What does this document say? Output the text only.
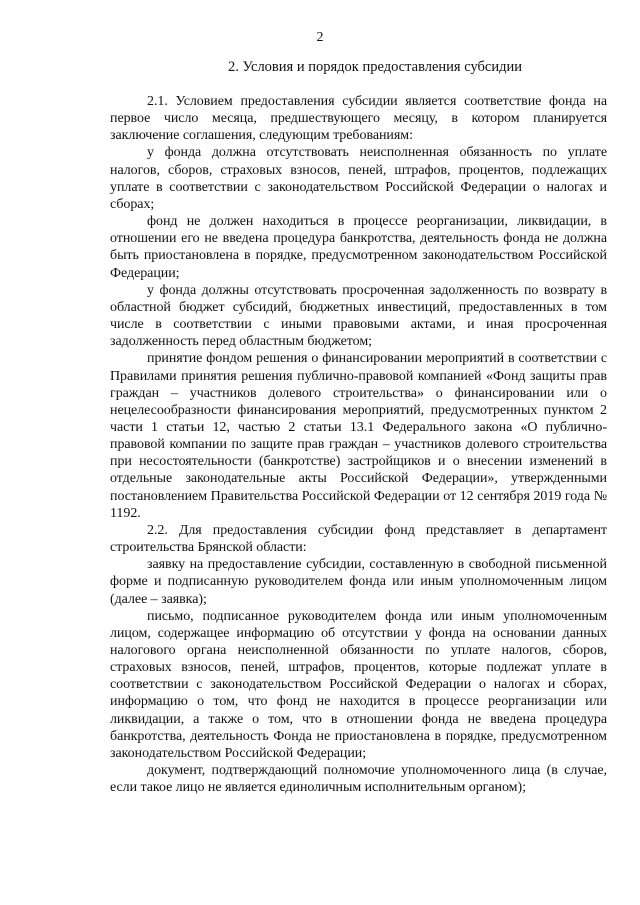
2
2. Условия и порядок предоставления субсидии

2.1. Условием предоставления субсидии является соответствие фонда на первое число месяца, предшествующего месяцу, в котором планируется заключение соглашения, следующим требованиям:

у фонда должна отсутствовать неисполненная обязанность по уплате налогов, сборов, страховых взносов, пеней, штрафов, процентов, подлежащих уплате в соответствии с законодательством Российской Федерации о налогах и сборах;

фонд не должен находиться в процессе реорганизации, ликвидации, в отношении его не введена процедура банкротства, деятельность фонда не должна быть приостановлена в порядке, предусмотренном законодательством Российской Федерации;

у фонда должны отсутствовать просроченная задолженность по возврату в областной бюджет субсидий, бюджетных инвестиций, предоставленных в том числе в соответствии с иными правовыми актами, и иная просроченная задолженность перед областным бюджетом;

принятие фондом решения о финансировании мероприятий в соответствии с Правилами принятия решения публично-правовой компанией «Фонд защиты прав граждан – участников долевого строительства» о финансировании или о нецелесообразности финансирования мероприятий, предусмотренных пунктом 2 части 1 статьи 12, частью 2 статьи 13.1 Федерального закона «О публично-правовой компании по защите прав граждан – участников долевого строительства при несостоятельности (банкротстве) застройщиков и о внесении изменений в отдельные законодательные акты Российской Федерации», утвержденными постановлением Правительства Российской Федерации от 12 сентября 2019 года № 1192.

2.2. Для предоставления субсидии фонд представляет в департамент строительства Брянской области:

заявку на предоставление субсидии, составленную в свободной письменной форме и подписанную руководителем фонда или иным уполномоченным лицом (далее – заявка);

письмо, подписанное руководителем фонда или иным уполномоченным лицом, содержащее информацию об отсутствии у фонда на основании данных налогового органа неисполненной обязанности по уплате налогов, сборов, страховых взносов, пеней, штрафов, процентов, которые подлежат уплате в соответствии с законодательством Российской Федерации о налогах и сборах, информацию о том, что фонд не находится в процессе реорганизации или ликвидации, а также о том, что в отношении фонда не введена процедура банкротства, деятельность Фонда не приостановлена в порядке, предусмотренном законодательством Российской Федерации;

документ, подтверждающий полномочие уполномоченного лица (в случае, если такое лицо не является единоличным исполнительным органом);
